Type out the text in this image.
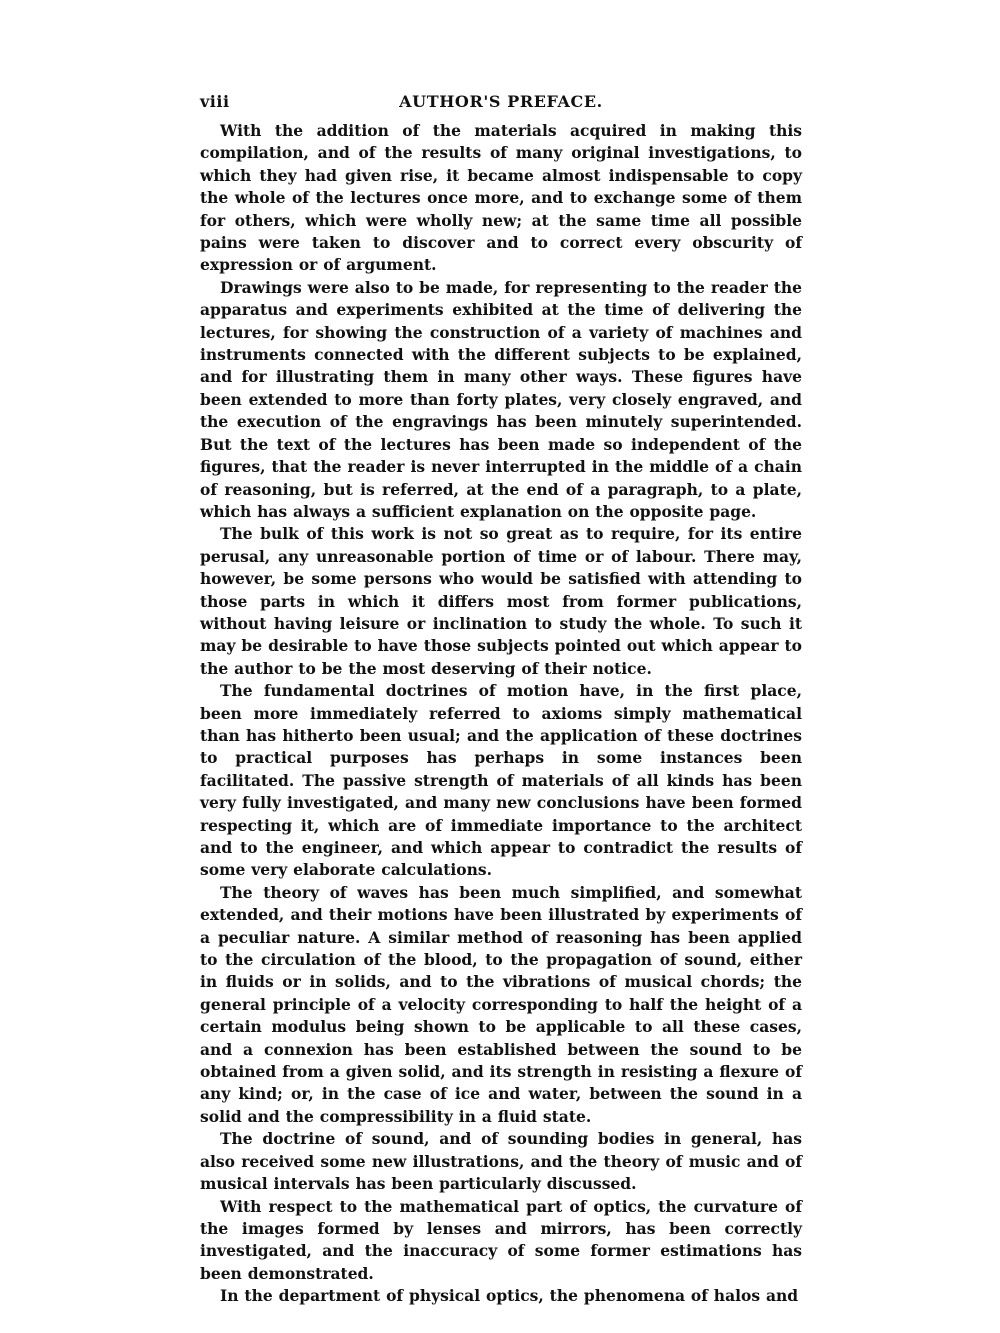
viii	AUTHOR'S PREFACE.

With the addition of the materials acquired in making this compilation, and of the results of many original investigations, to which they had given rise, it became almost indispensable to copy the whole of the lectures once more, and to exchange some of them for others, which were wholly new; at the same time all possible pains were taken to discover and to correct every obscurity of expression or of argument.

Drawings were also to be made, for representing to the reader the apparatus and experiments exhibited at the time of delivering the lectures, for showing the construction of a variety of machines and instruments connected with the different subjects to be explained, and for illustrating them in many other ways. These figures have been extended to more than forty plates, very closely engraved, and the execution of the engravings has been minutely superintended. But the text of the lectures has been made so independent of the figures, that the reader is never interrupted in the middle of a chain of reasoning, but is referred, at the end of a paragraph, to a plate, which has always a sufficient explanation on the opposite page.

The bulk of this work is not so great as to require, for its entire perusal, any unreasonable portion of time or of labour. There may, however, be some persons who would be satisfied with attending to those parts in which it differs most from former publications, without having leisure or inclination to study the whole. To such it may be desirable to have those subjects pointed out which appear to the author to be the most deserving of their notice.

The fundamental doctrines of motion have, in the first place, been more immediately referred to axioms simply mathematical than has hitherto been usual; and the application of these doctrines to practical purposes has perhaps in some instances been facilitated. The passive strength of materials of all kinds has been very fully investigated, and many new conclusions have been formed respecting it, which are of immediate importance to the architect and to the engineer, and which appear to contradict the results of some very elaborate calculations.

The theory of waves has been much simplified, and somewhat extended, and their motions have been illustrated by experiments of a peculiar nature. A similar method of reasoning has been applied to the circulation of the blood, to the propagation of sound, either in fluids or in solids, and to the vibrations of musical chords; the general principle of a velocity corresponding to half the height of a certain modulus being shown to be applicable to all these cases, and a connexion has been established between the sound to be obtained from a given solid, and its strength in resisting a flexure of any kind; or, in the case of ice and water, between the sound in a solid and the compressibility in a fluid state.

The doctrine of sound, and of sounding bodies in general, has also received some new illustrations, and the theory of music and of musical intervals has been particularly discussed.

With respect to the mathematical part of optics, the curvature of the images formed by lenses and mirrors, has been correctly investigated, and the inaccuracy of some former estimations has been demonstrated.

In the department of physical optics, the phenomena of halos and
